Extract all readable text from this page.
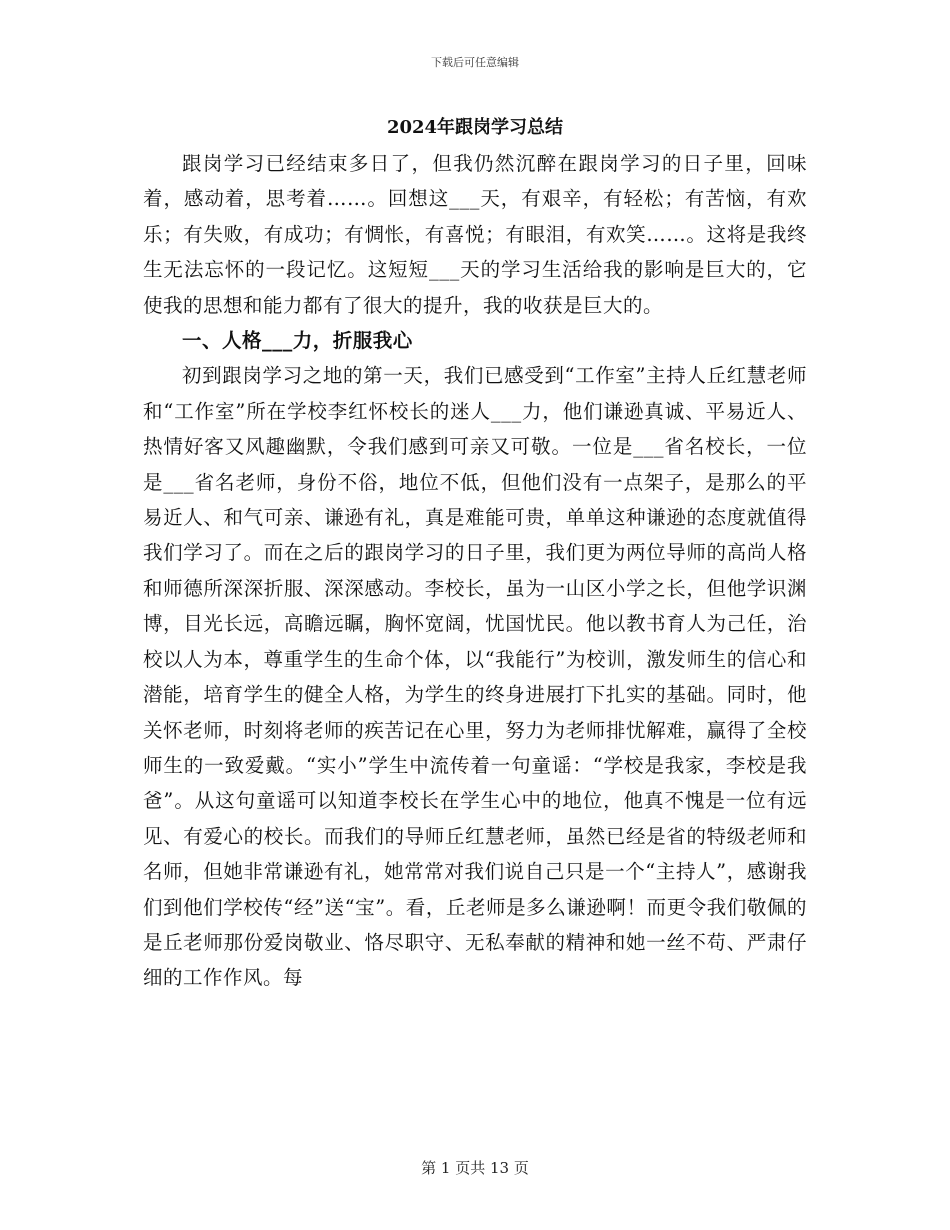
下载后可任意编辑
2024年跟岗学习总结

跟岗学习已经结束多日了，但我仍然沉醉在跟岗学习的日子里，回味着，感动着，思考着……。回想这___天，有艰辛，有轻松；有苦恼，有欢乐；有失败，有成功；有惆怅，有喜悦；有眼泪，有欢笑……。这将是我终生无法忘怀的一段记忆。这短短___天的学习生活给我的影响是巨大的，它使我的思想和能力都有了很大的提升，我的收获是巨大的。

一、人格___力，折服我心

初到跟岗学习之地的第一天，我们已感受到“工作室”主持人丘红慧老师和“工作室”所在学校李红怀校长的迷人___力，他们谦逊真诚、平易近人、热情好客又风趣幽默，令我们感到可亲又可敬。一位是___省名校长，一位是___省名老师，身份不俗，地位不低，但他们没有一点架子，是那么的平易近人、和气可亲、谦逊有礼，真是难能可贵，单单这种谦逊的态度就值得我们学习了。而在之后的跟岗学习的日子里，我们更为两位导师的高尚人格和师德所深深折服、深深感动。李校长，虽为一山区小学之长，但他学识渊博，目光长远，高瞻远瞩，胸怀宽阔，忧国忧民。他以教书育人为己任，治校以人为本，尊重学生的生命个体，以“我能行”为校训，激发师生的信心和潜能，培育学生的健全人格，为学生的终身进展打下扎实的基础。同时，他关怀老师，时刻将老师的疾苦记在心里，努力为老师排忧解难，赢得了全校师生的一致爱戴。“实小”学生中流传着一句童谣：“学校是我家，李校是我爸”。从这句童谣可以知道李校长在学生心中的地位，他真不愧是一位有远见、有爱心的校长。而我们的导师丘红慧老师，虽然已经是省的特级老师和名师，但她非常谦逊有礼，她常常对我们说自己只是一个“主持人”，感谢我们到他们学校传“经”送“宝”。看，丘老师是多么谦逊啊！而更令我们敬佩的是丘老师那份爱岗敬业、恪尽职守、无私奉献的精神和她一丝不苟、严肃仔细的工作作风。每

第 1 页共 13 页
